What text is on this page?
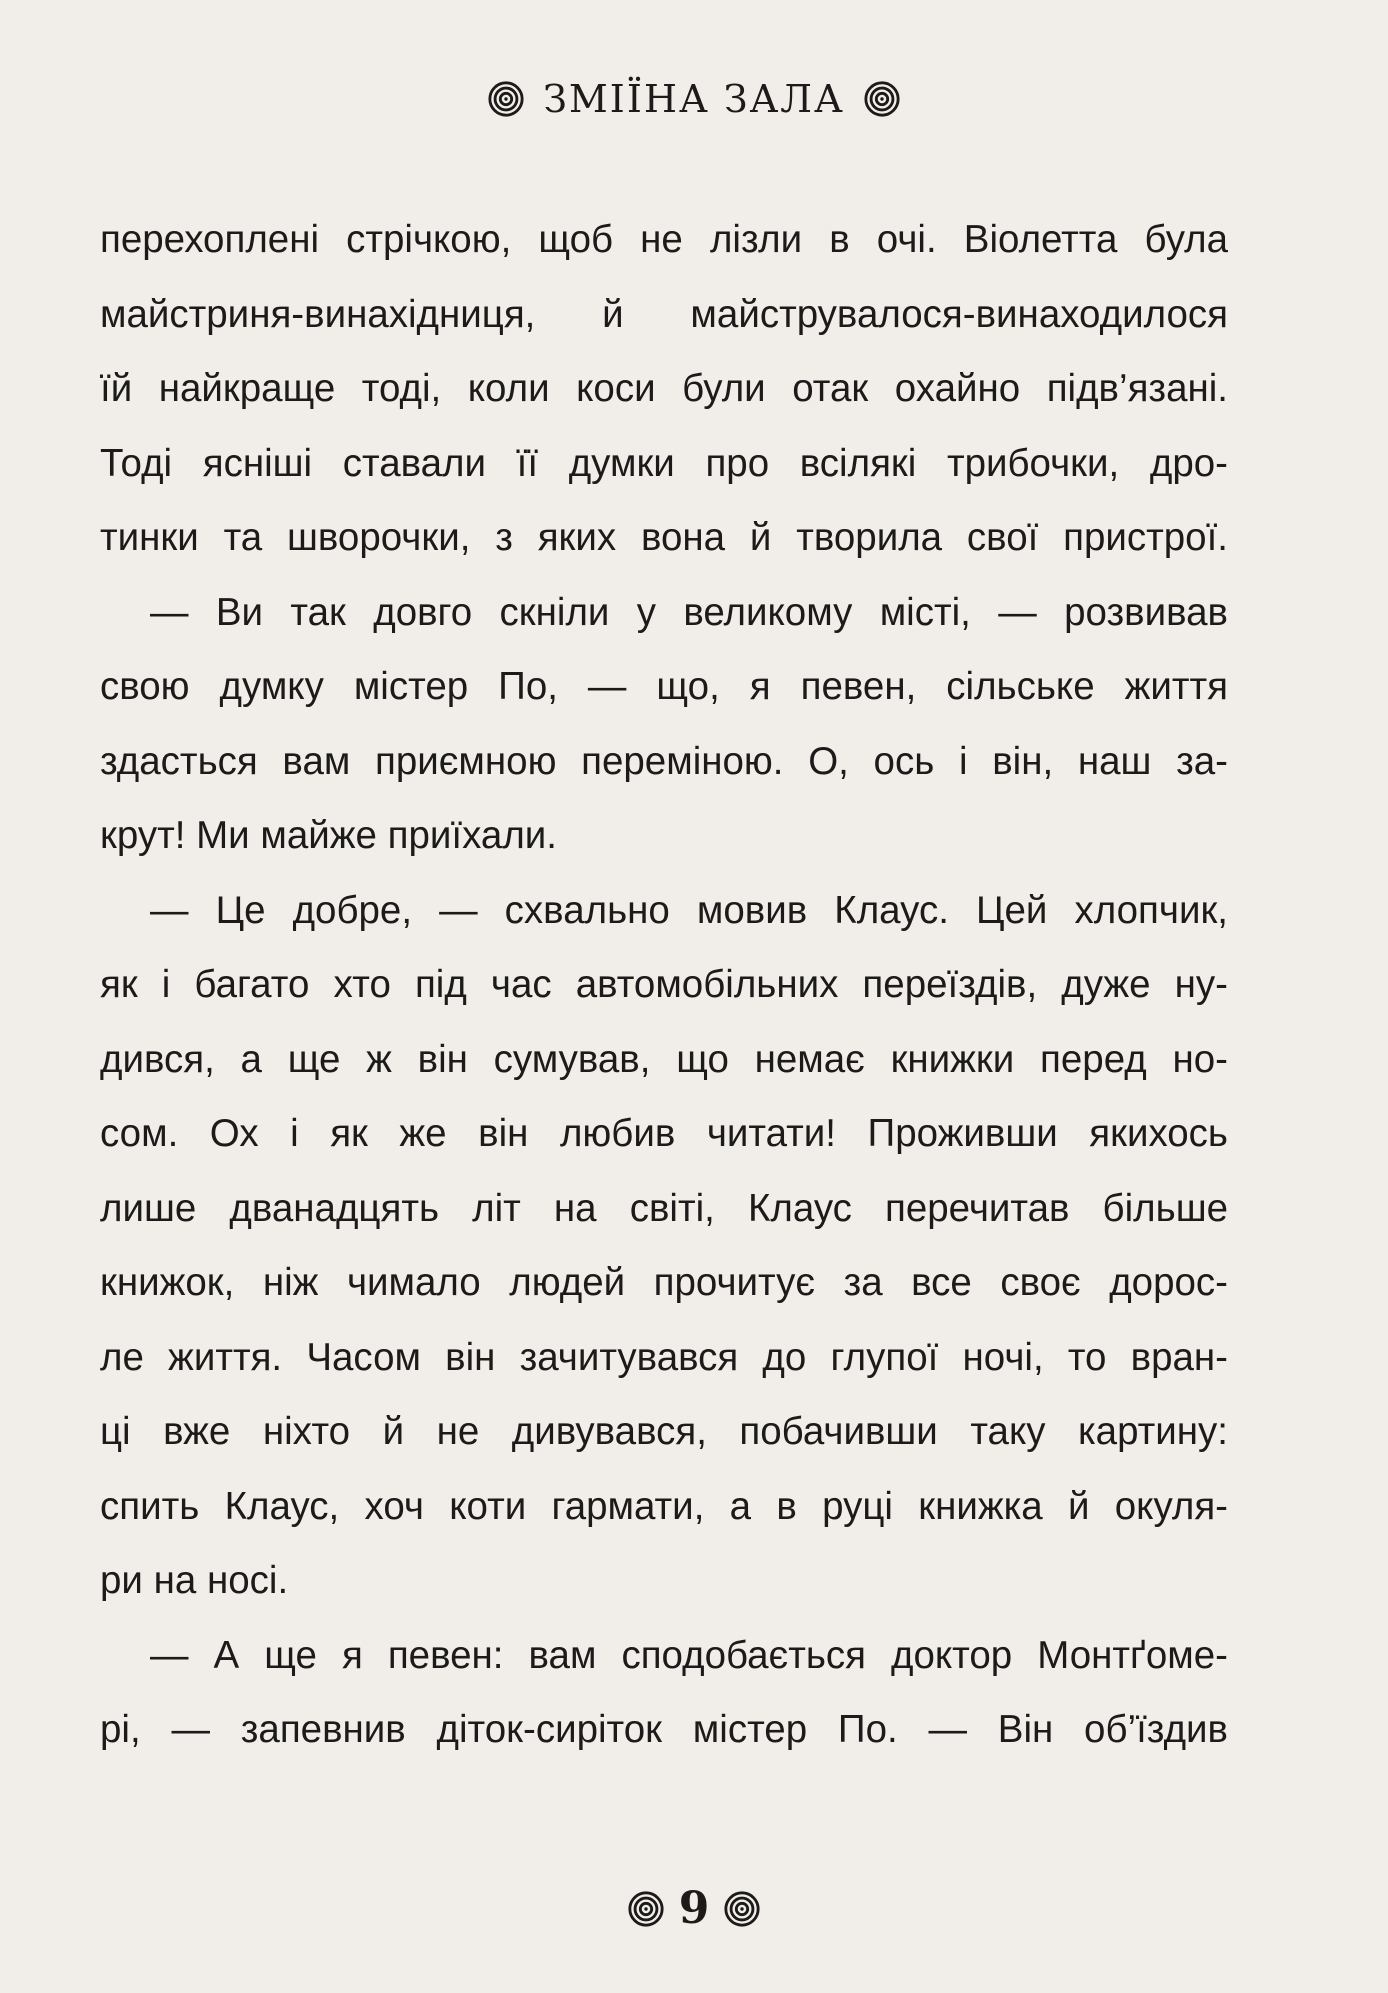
ЗМІЇНА ЗАЛА
перехоплені стрічкою, щоб не лізли в очі. Віолетта була
майстриня-винахідниця, й майструвалося-винаходилося
їй найкраще тоді, коли коси були отак охайно підв’язані.
Тоді ясніші ставали її думки про всілякі трибочки, дро-
тинки та шворочки, з яких вона й творила свої пристрої.
— Ви так довго скніли у великому місті, — розвивав
свою думку містер По, — що, я певен, сільське життя
здасться вам приємною переміною. О, ось і він, наш за-
крут! Ми майже приїхали.
— Це добре, — схвально мовив Клаус. Цей хлопчик,
як і багато хто під час автомобільних переїздів, дуже ну-
дився, а ще ж він сумував, що немає книжки перед но-
сом. Ох і як же він любив читати! Проживши якихось
лише дванадцять літ на світі, Клаус перечитав більше
книжок, ніж чимало людей прочитує за все своє дорос-
ле життя. Часом він зачитувався до глупої ночі, то вран-
ці вже ніхто й не дивувався, побачивши таку картину:
спить Клаус, хоч коти гармати, а в руці книжка й окуля-
ри на носі.
— А ще я певен: вам сподобається доктор Монтґоме-
рі, — запевнив діток-сиріток містер По. — Він об’їздив
9
